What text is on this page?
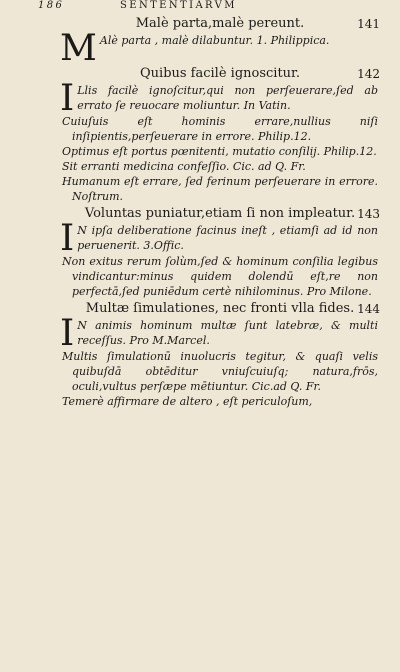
186	SENTENTIARVM
Malè parta,malè pereunt.	141

M Alè parta , malè dilabuntur. 1. Philippica.

Quibus facilè ignoscitur.	142

I Llis facilè ignoſcitur,qui non perſeuerare,ſed ab errato ſe reuocare moliuntur. In Vatin.

Cuiuſuis eſt hominis errare,nullius niſi inſipientis,perſeuerare in errore. Philip.12.

Optimus eſt portus pœnitenti, mutatio conſilij. Philip.12.

Sit erranti medicina confeſſio. Cic. ad Q. Fr.

Humanum eſt errare, ſed ferinum perſeuerare in errore. Noſtrum.

Voluntas puniatur,etiam ſi non impleatur. 143

I N ipſa deliberatione facinus ineſt , etiamſi ad id non peruenerit. 3.Offic.

Non exitus rerum ſolùm,ſed & hominum conſilia legibus vindicantur:minus quidem dolendū eſt,re non perfectā,ſed puniēdum certè nihilominus. Pro Milone.

Multæ ſimulationes, nec fronti vlla fides. 144

I N animis hominum multæ ſunt latebræ, & multi receſſus. Pro M.Marcel.

Multis ſimulationū inuolucris tegitur, & quaſi velis quibuſdā obtēditur vniuſcuiuſq; natura,frōs, oculi,vultus perſæpe mētiuntur. Cic.ad Q. Fr.

Temerè affirmare de altero , eſt periculoſum,
